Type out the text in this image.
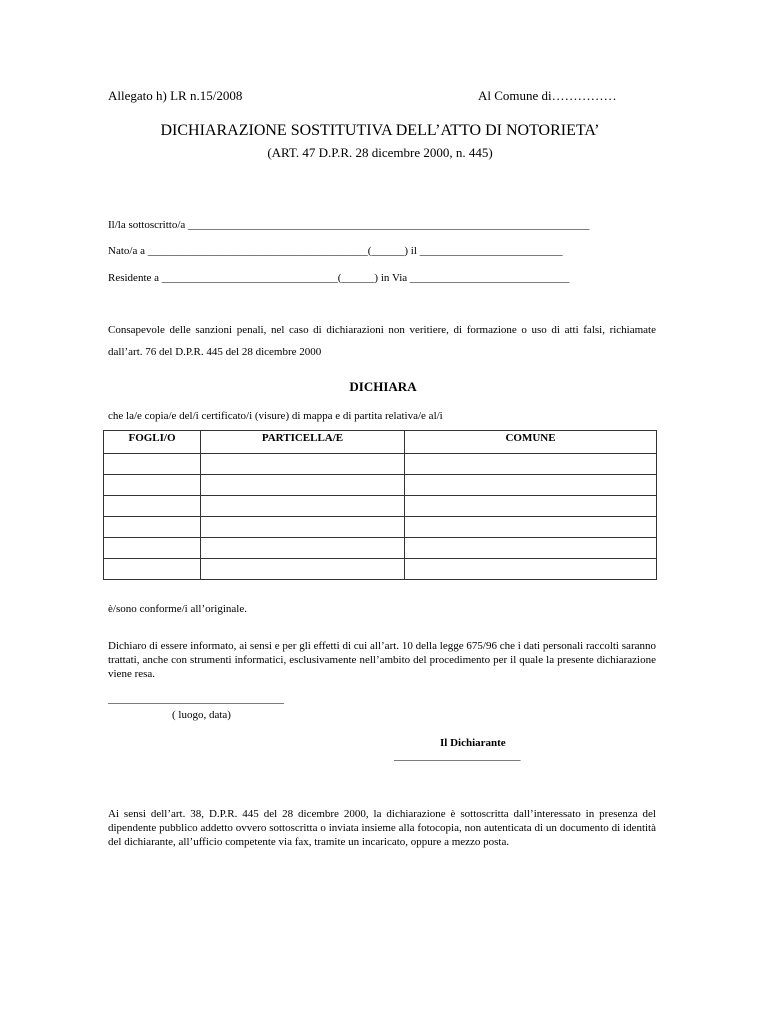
Allegato h) LR n.15/2008	Al Comune di……………
DICHIARAZIONE SOSTITUTIVA DELL’ATTO DI NOTORIETA’
(ART. 47 D.P.R. 28 dicembre 2000, n. 445)
Il/la sottoscritto/a _________________________________________________________________________
Nato/a a ________________________________________(______) il __________________________
Residente a ________________________________(______) in Via _____________________________
Consapevole delle sanzioni penali, nel caso di dichiarazioni non veritiere, di formazione o uso di atti falsi, richiamate dall’art. 76 del D.P.R. 445 del 28 dicembre 2000
DICHIARA
che la/e copia/e del/i certificato/i (visure) di mappa e di partita relativa/e al/i
FOGLI/O	PARTICELLA/E	COMUNE

è/sono conforme/i all’originale.
Dichiaro di essere informato, ai sensi e per gli effetti di cui all’art. 10 della legge 675/96 che i dati personali raccolti saranno trattati, anche con strumenti informatici, esclusivamente nell’ambito del procedimento per il quale la presente dichiarazione viene resa.
________________________________
( luogo, data)
Il Dichiarante
_______________________
Ai sensi dell’art. 38, D.P.R. 445 del 28 dicembre 2000, la dichiarazione è sottoscritta dall’interessato in presenza del dipendente pubblico addetto ovvero sottoscritta o inviata insieme alla fotocopia, non autenticata di un documento di identità del dichiarante, all’ufficio competente via fax, tramite un incaricato, oppure a mezzo posta.
